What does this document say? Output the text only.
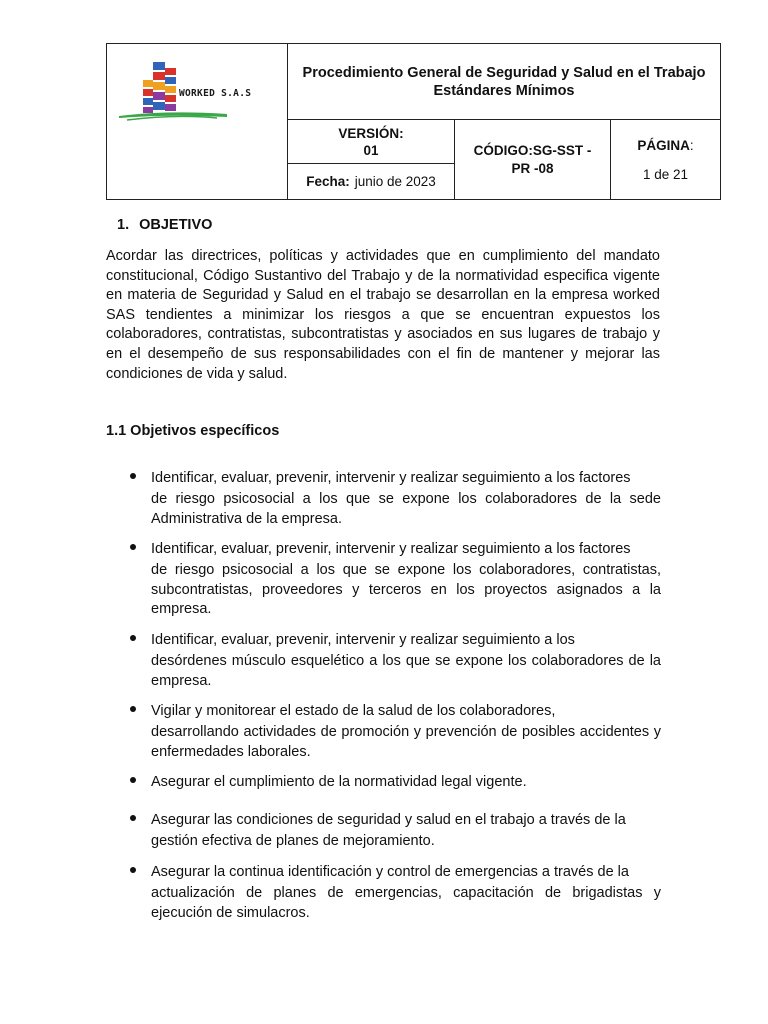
WORKED S.A.S
Procedimiento General de Seguridad y Salud en el Trabajo
Estándares Mínimos
VERSIÓN:
01
Fecha: junio de 2023
CÓDIGO:SG-SST -
PR -08
PÁGINA:
1 de 21
1. OBJETIVO

Acordar las directrices, políticas y actividades que en cumplimiento del mandato constitucional, Código Sustantivo del Trabajo y de la normatividad especifica vigente en materia de Seguridad y Salud en el trabajo se desarrollan en la empresa worked SAS tendientes a minimizar los riesgos a que se encuentran expuestos los colaboradores, contratistas, subcontratistas y asociados en sus lugares de trabajo y en el desempeño de sus responsabilidades con el fin de mantener y mejorar las condiciones de vida y salud.

1.1 Objetivos específicos
Identificar, evaluar, prevenir, intervenir y realizar seguimiento a los factores
de riesgo psicosocial a los que se expone los colaboradores de la sede Administrativa de la empresa.
Identificar, evaluar, prevenir, intervenir y realizar seguimiento a los factores
de riesgo psicosocial a los que se expone los colaboradores, contratistas, subcontratistas, proveedores y terceros en los proyectos asignados a la empresa.
Identificar, evaluar, prevenir, intervenir y realizar seguimiento a los
desórdenes músculo esquelético a los que se expone los colaboradores de la empresa.
Vigilar y monitorear el estado de la salud de los colaboradores,
desarrollando actividades de promoción y prevención de posibles accidentes y enfermedades laborales.
Asegurar el cumplimiento de la normatividad legal vigente.
Asegurar las condiciones de seguridad y salud en el trabajo a través de la
gestión efectiva de planes de mejoramiento.
Asegurar la continua identificación y control de emergencias a través de la
actualización de planes de emergencias, capacitación de brigadistas y ejecución de simulacros.
